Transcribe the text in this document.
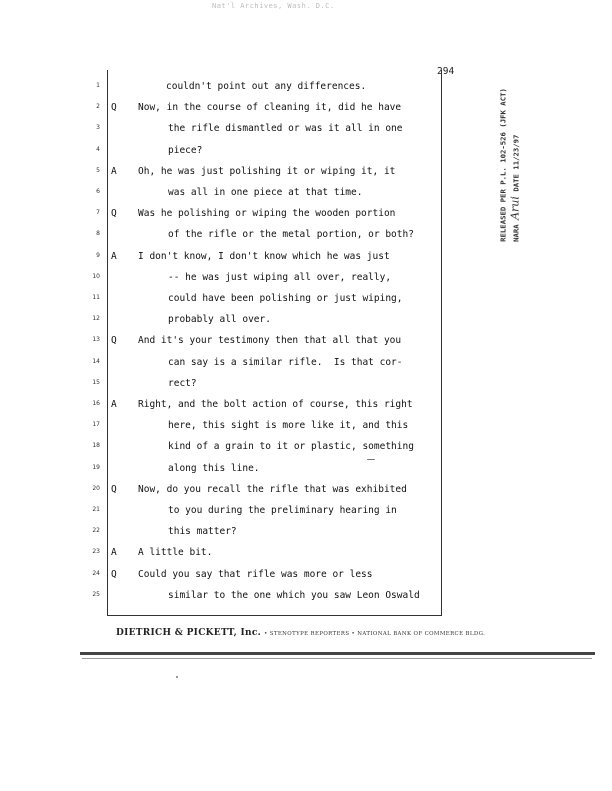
Nat'l Archives, Wash. D.C.
294
1	couldn't point out any differences.
2 Q Now, in the course of cleaning it, did he have
3	the rifle dismantled or was it all in one
4	piece?
5 A Oh, he was just polishing it or wiping it, it
6	was all in one piece at that time.
7 Q Was he polishing or wiping the wooden portion
8	of the rifle or the metal portion, or both?
9 A I don't know, I don't know which he was just
10	-- he was just wiping all over, really,
11	could have been polishing or just wiping,
12	probably all over.
13 Q And it's your testimony then that all that you
14	can say is a similar rifle.  Is that cor-
15	rect?
16 A Right, and the bolt action of course, this right
17	here, this sight is more like it, and this
18	kind of a grain to it or plastic, something
19	along this line.
20 Q Now, do you recall the rifle that was exhibited
21	to you during the preliminary hearing in
22	this matter?
23 A A little bit.
24 Q Could you say that rifle was more or less
25	similar to the one which you saw Leon Oswald
DIETRICH & PICKETT, Inc. • STENOTYPE REPORTERS • NATIONAL BANK OF COMMERCE BLDG.
RELEASED PER P.L. 102-526 (JFK ACT) NARA Arui DATE 11/23/97
